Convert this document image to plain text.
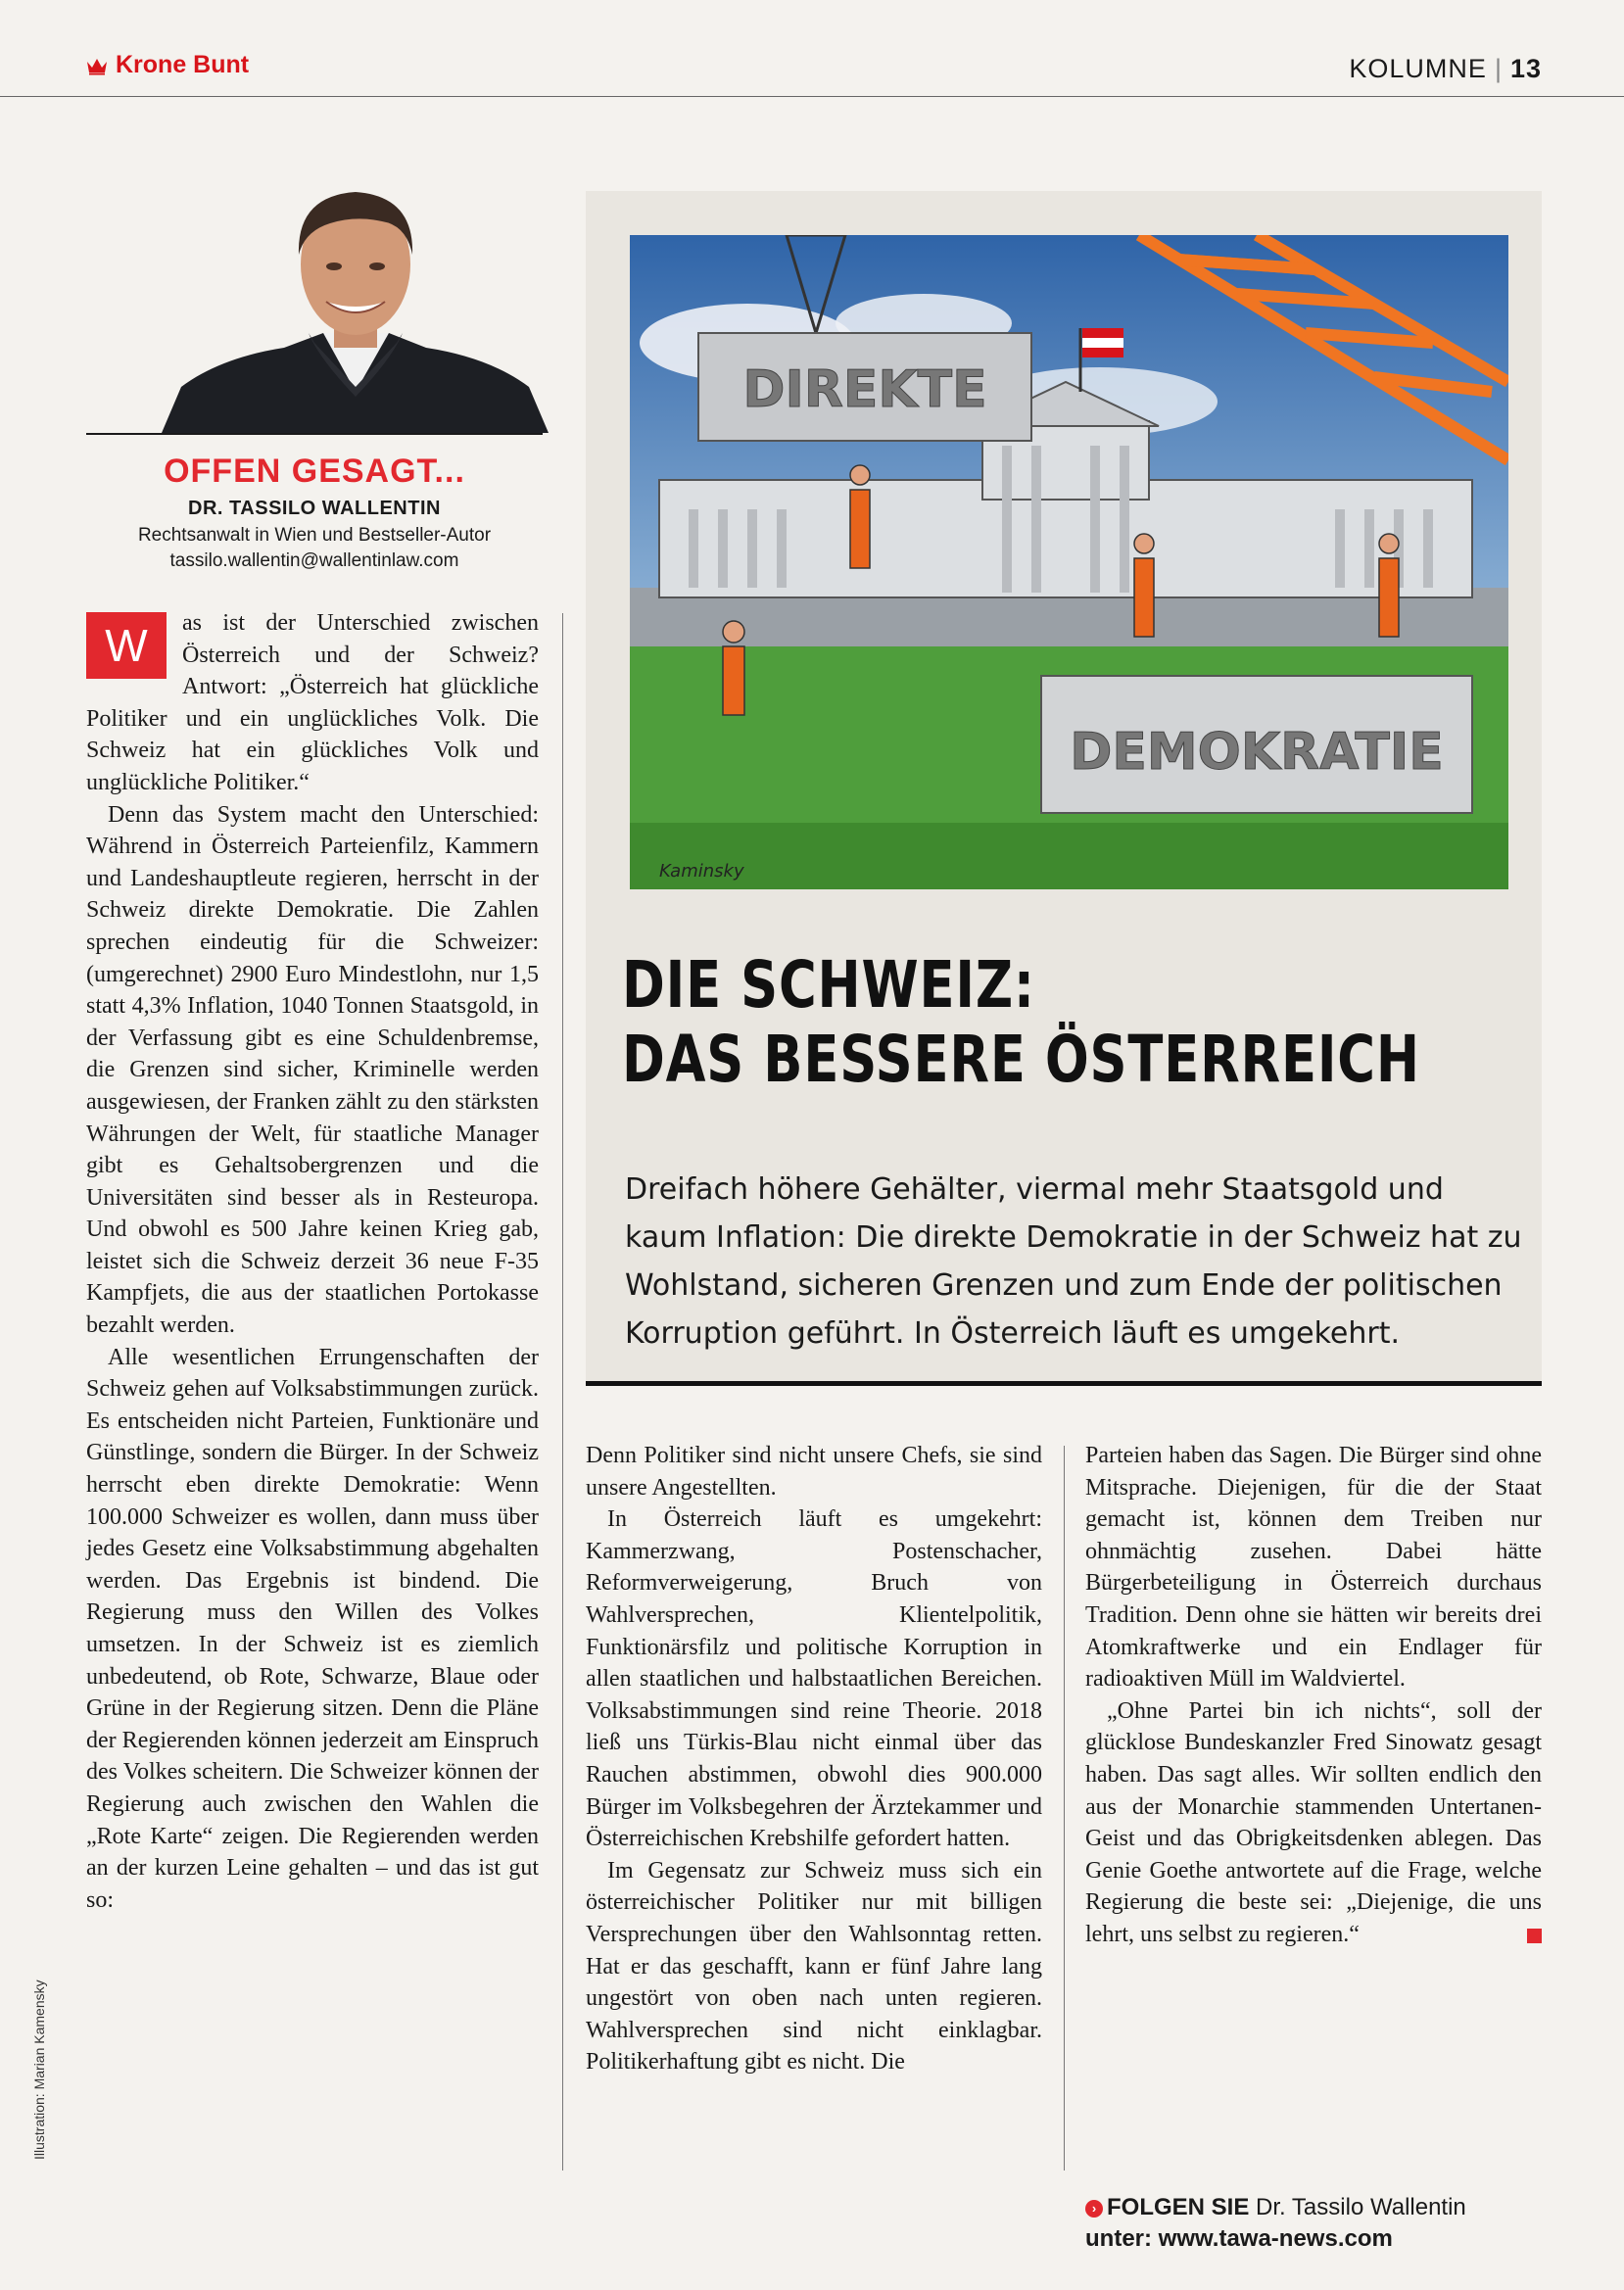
Krone Bunt	KOLUMNE | 13
OFFEN GESAGT...
DR. TASSILO WALLENTIN
Rechtsanwalt in Wien und Bestseller-Autor
tassilo.wallentin@wallentinlaw.com
DIREKTE
DEMOKRATIE
Kaminsky
DIE SCHWEIZ:
DAS BESSERE ÖSTERREICH
Dreifach höhere Gehälter, viermal mehr Staatsgold und kaum Inflation: Die direkte Demokratie in der Schweiz hat zu Wohlstand, sicheren Grenzen und zum Ende der politischen Korruption geführt. In Österreich läuft es umgekehrt.

W	as ist der Unterschied zwischen Österreich und der Schweiz? Antwort: „Österreich hat glückliche Politiker und ein unglückliches Volk. Die Schweiz hat ein glückliches Volk und unglückliche Politiker.“

Denn das System macht den Unterschied: Während in Österreich Parteienfilz, Kammern und Landeshauptleute regieren, herrscht in der Schweiz direkte Demokratie. Die Zahlen sprechen eindeutig für die Schweizer: (umgerechnet) 2900 Euro Mindestlohn, nur 1,5 statt 4,3% Inflation, 1040 Tonnen Staatsgold, in der Verfassung gibt es eine Schuldenbremse, die Grenzen sind sicher, Kriminelle werden ausgewiesen, der Franken zählt zu den stärksten Währungen der Welt, für staatliche Manager gibt es Gehaltsobergrenzen und die Universitäten sind besser als in Resteuropa. Und obwohl es 500 Jahre keinen Krieg gab, leistet sich die Schweiz derzeit 36 neue F-35 Kampfjets, die aus der staatlichen Portokasse bezahlt werden.

Alle wesentlichen Errungenschaften der Schweiz gehen auf Volksabstimmungen zurück. Es entscheiden nicht Parteien, Funktionäre und Günstlinge, sondern die Bürger. In der Schweiz herrscht eben direkte Demokratie: Wenn 100.000 Schweizer es wollen, dann muss über jedes Gesetz eine Volksabstimmung abgehalten werden. Das Ergebnis ist bindend. Die Regierung muss den Willen des Volkes umsetzen. In der Schweiz ist es ziemlich unbedeutend, ob Rote, Schwarze, Blaue oder Grüne in der Regierung sitzen. Denn die Pläne der Regierenden können jederzeit am Einspruch des Volkes scheitern. Die Schweizer können der Regierung auch zwischen den Wahlen die „Rote Karte“ zeigen. Die Regierenden werden an der kurzen Leine gehalten – und das ist gut so:

Denn Politiker sind nicht unsere Chefs, sie sind unsere Angestellten.

In Österreich läuft es umgekehrt: Kammerzwang, Postenschacher, Reformverweigerung, Bruch von Wahlversprechen, Klientelpolitik, Funktionärsfilz und politische Korruption in allen staatlichen und halbstaatlichen Bereichen. Volksabstimmungen sind reine Theorie. 2018 ließ uns Türkis-Blau nicht einmal über das Rauchen abstimmen, obwohl dies 900.000 Bürger im Volksbegehren der Ärztekammer und Österreichischen Krebshilfe gefordert hatten.

Im Gegensatz zur Schweiz muss sich ein österreichischer Politiker nur mit billigen Versprechungen über den Wahlsonntag retten. Hat er das geschafft, kann er fünf Jahre lang ungestört von oben nach unten regieren. Wahlversprechen sind nicht einklagbar. Politikerhaftung gibt es nicht. Die

Parteien haben das Sagen. Die Bürger sind ohne Mitsprache. Diejenigen, für die der Staat gemacht ist, können dem Treiben nur ohnmächtig zusehen. Dabei hätte Bürgerbeteiligung in Österreich durchaus Tradition. Denn ohne sie hätten wir bereits drei Atomkraftwerke und ein Endlager für radioaktiven Müll im Waldviertel.

„Ohne Partei bin ich nichts“, soll der glücklose Bundeskanzler Fred Sinowatz gesagt haben. Das sagt alles. Wir sollten endlich den aus der Monarchie stammenden Untertanen-Geist und das Obrigkeitsdenken ablegen. Das Genie Goethe antwortete auf die Frage, welche Regierung die beste sei: „Diejenige, die uns lehrt, uns selbst zu regieren.“

› FOLGEN SIE Dr. Tassilo Wallentin
unter: www.tawa-news.com
Illustration: Marian Kamensky
